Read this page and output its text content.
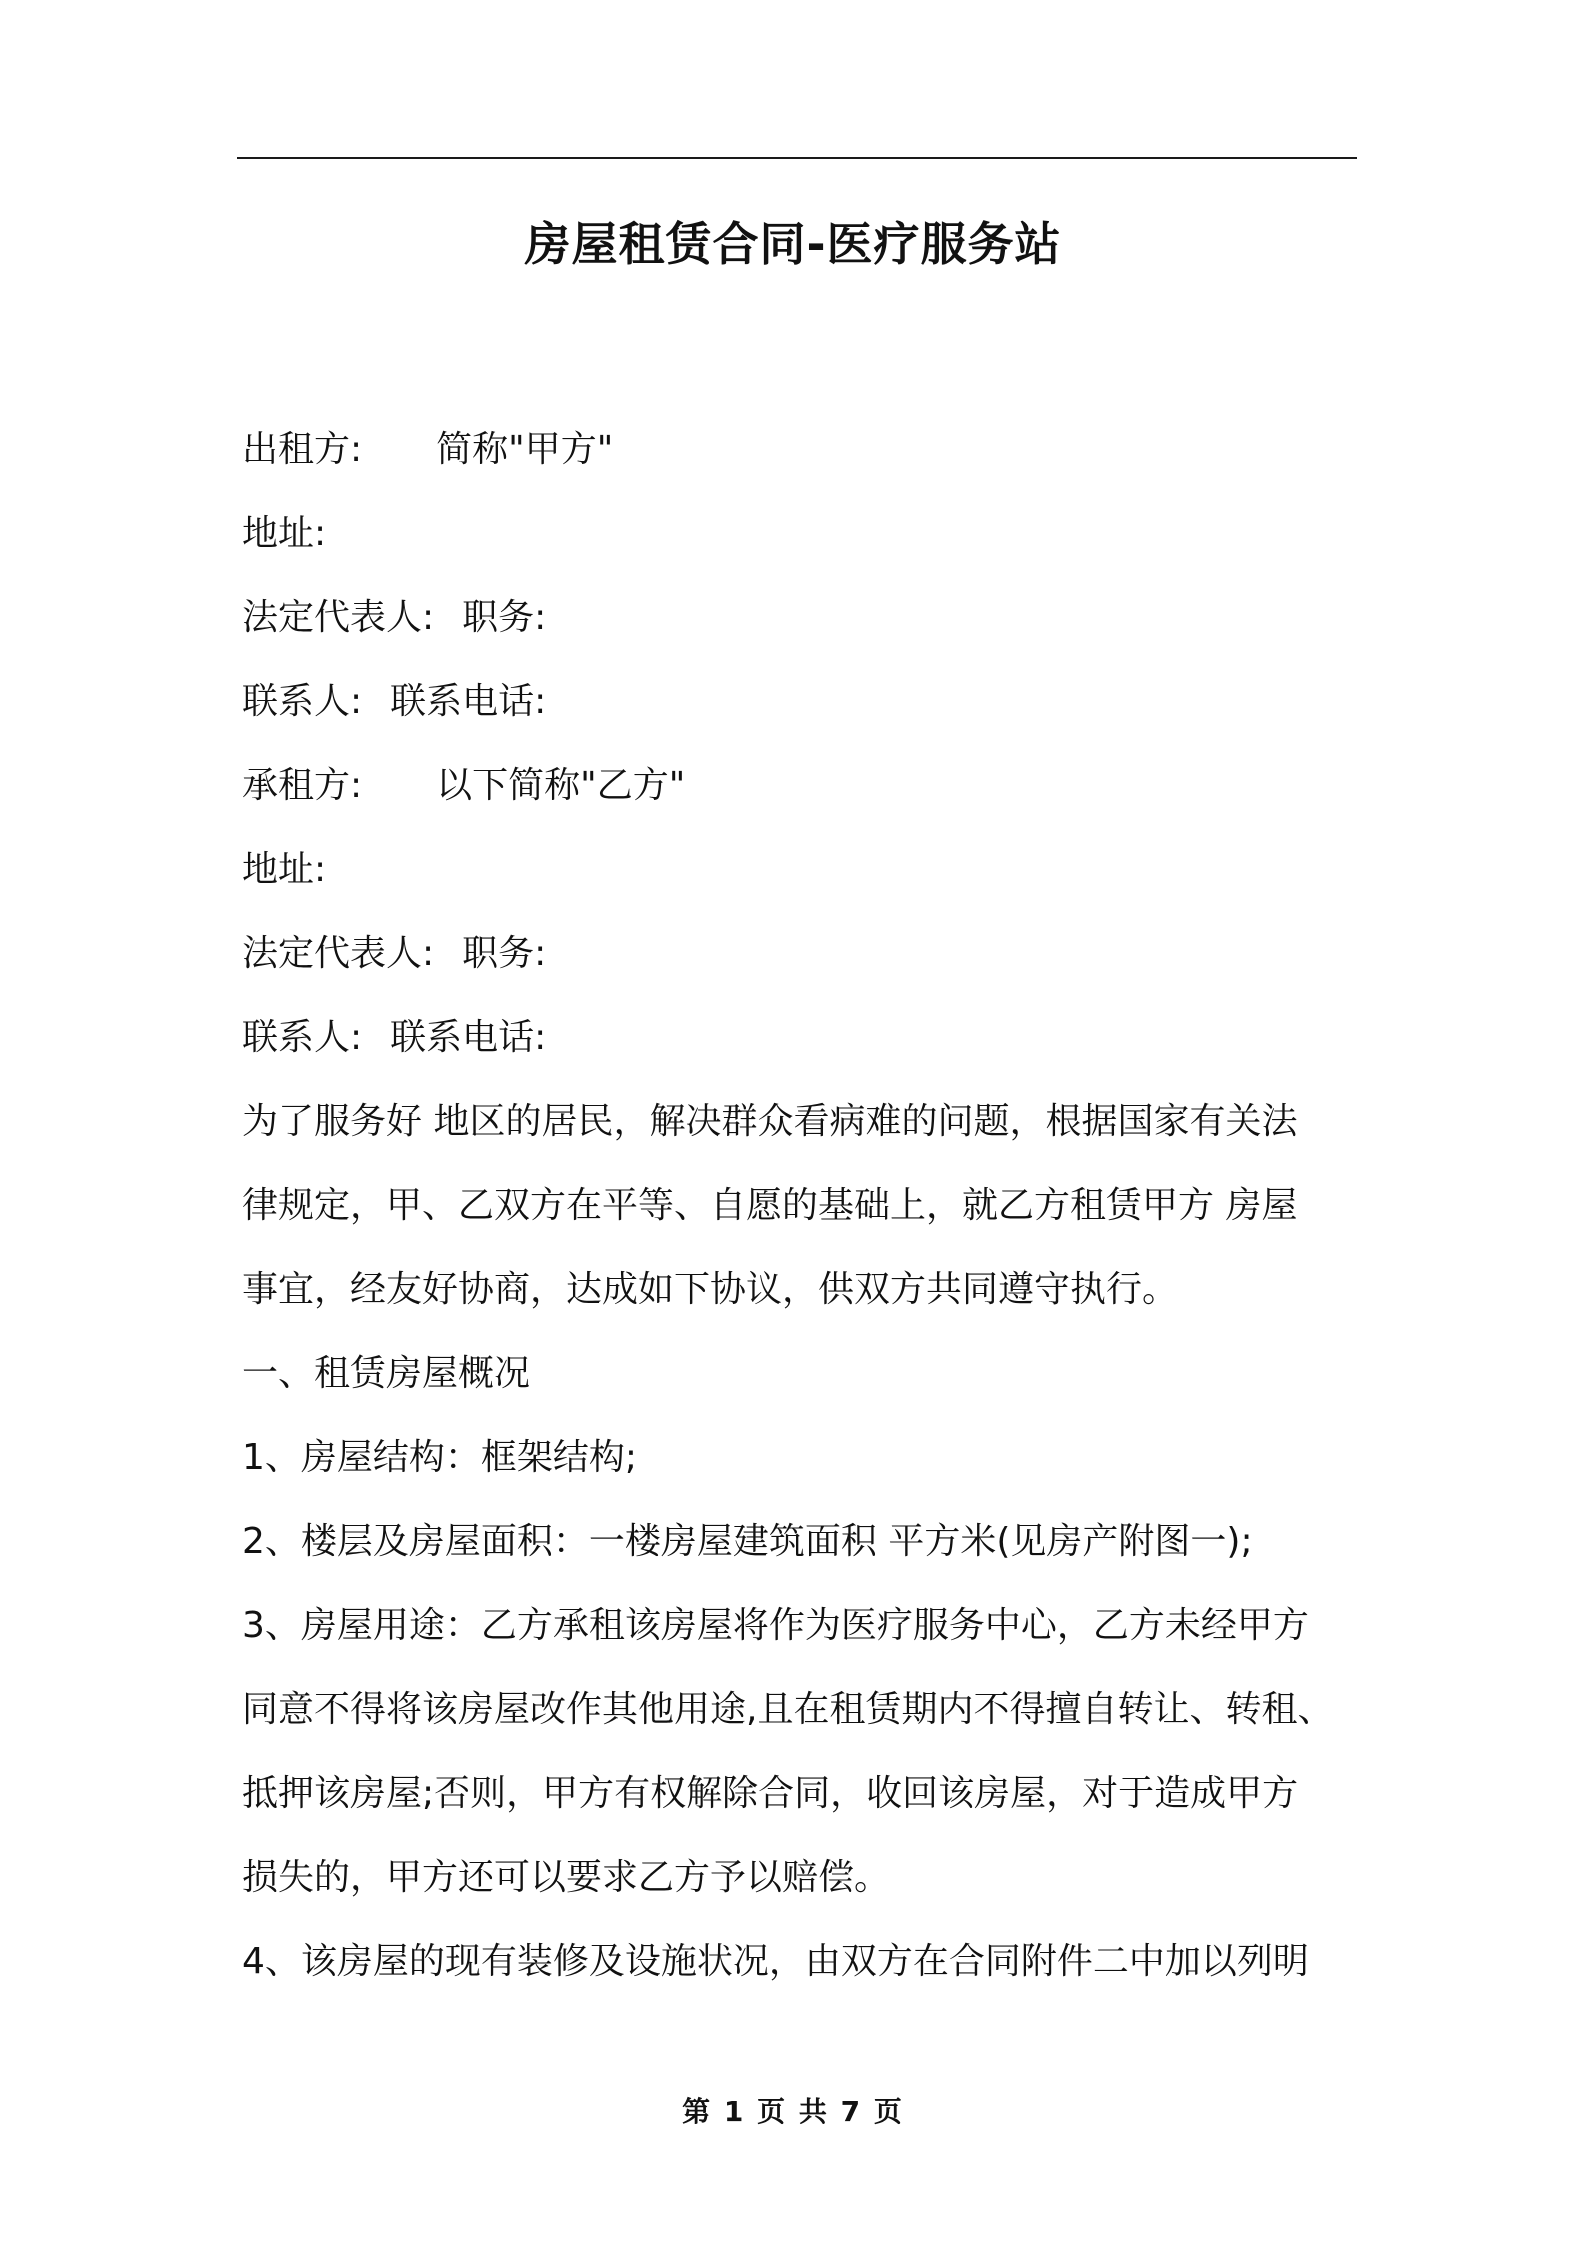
房屋租赁合同-医疗服务站
出租方: 简称"甲方"
地址:
法定代表人: 职务:
联系人: 联系电话:
承租方: 以下简称"乙方"
地址:
法定代表人: 职务:
联系人: 联系电话:
为了服务好 地区的居民，解决群众看病难的问题，根据国家有关法
律规定，甲、乙双方在平等、自愿的基础上，就乙方租赁甲方 房屋
事宜，经友好协商，达成如下协议，供双方共同遵守执行。
一、租赁房屋概况
1、房屋结构：框架结构;
2、楼层及房屋面积：一楼房屋建筑面积 平方米(见房产附图一);
3、房屋用途：乙方承租该房屋将作为医疗服务中心，乙方未经甲方
同意不得将该房屋改作其他用途,且在租赁期内不得擅自转让、转租、
抵押该房屋;否则，甲方有权解除合同，收回该房屋，对于造成甲方
损失的，甲方还可以要求乙方予以赔偿。
4、该房屋的现有装修及设施状况，由双方在合同附件二中加以列明
第 1 页 共 7 页
